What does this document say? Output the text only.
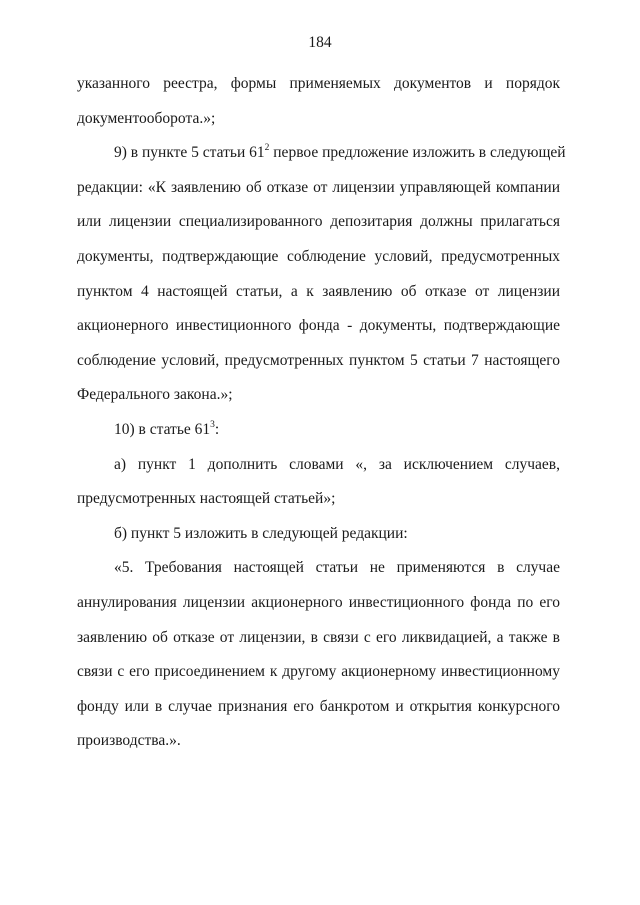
184

указанного реестра, формы применяемых документов и порядок
документооборота.»;

9) в пункте 5 статьи $61^2$ первое предложение изложить в следующей
редакции: «К заявлению об отказе от лицензии управляющей компании
или лицензии специализированного депозитария должны прилагаться
документы, подтверждающие соблюдение условий, предусмотренных
пунктом 4 настоящей статьи, а к заявлению об отказе от лицензии
акционерного инвестиционного фонда - документы, подтверждающие
соблюдение условий, предусмотренных пунктом 5 статьи 7 настоящего
Федерального закона.»;

10) в статье $61^3$:

а) пункт 1 дополнить словами «, за исключением случаев,
предусмотренных настоящей статьей»;

б) пункт 5 изложить в следующей редакции:

«5. Требования настоящей статьи не применяются в случае
аннулирования лицензии акционерного инвестиционного фонда по его
заявлению об отказе от лицензии, в связи с его ликвидацией, а также в
связи с его присоединением к другому акционерному инвестиционному
фонду или в случае признания его банкротом и открытия конкурсного
производства.».
